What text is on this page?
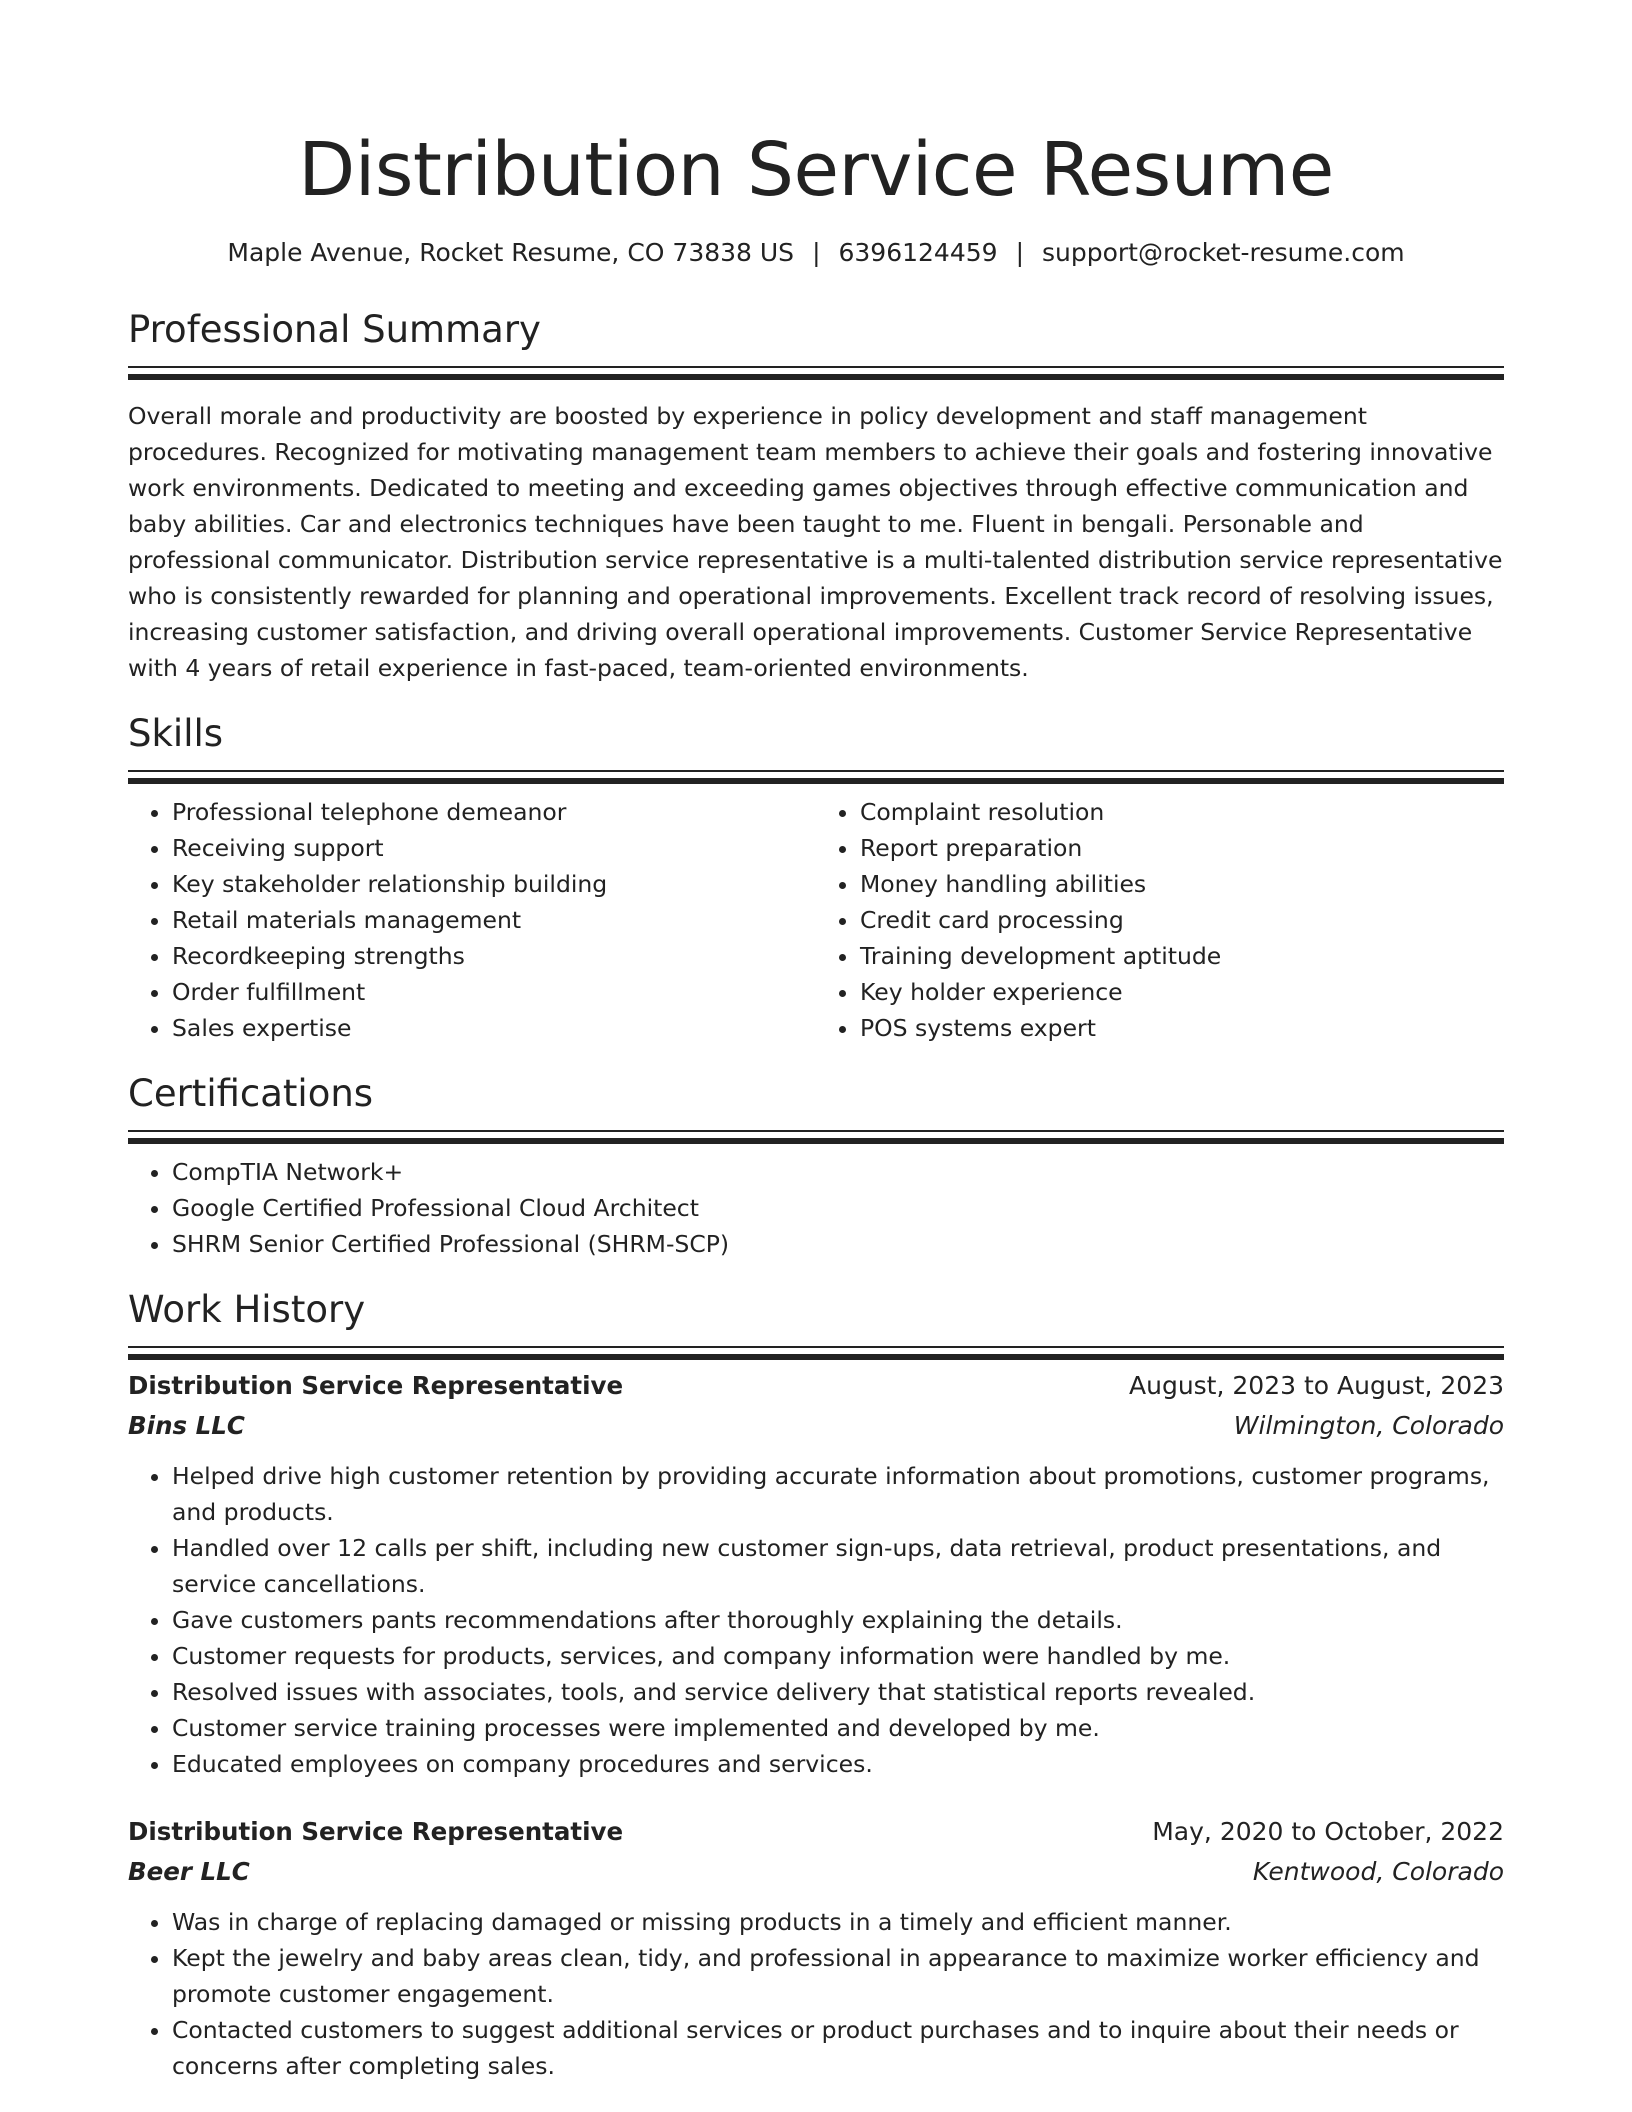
Distribution Service Resume
Maple Avenue, Rocket Resume, CO 73838 US | 6396124459 | support@rocket-resume.com
Professional Summary

Overall morale and productivity are boosted by experience in policy development and staff management procedures. Recognized for motivating management team members to achieve their goals and fostering innovative work environments. Dedicated to meeting and exceeding games objectives through effective communication and baby abilities. Car and electronics techniques have been taught to me. Fluent in bengali. Personable and professional communicator. Distribution service representative is a multi-talented distribution service representative who is consistently rewarded for planning and operational improvements. Excellent track record of resolving issues, increasing customer satisfaction, and driving overall operational improvements. Customer Service Representative with 4 years of retail experience in fast-paced, team-oriented environments.

Skills
• Professional telephone demeanor
• Receiving support
• Key stakeholder relationship building
• Retail materials management
• Recordkeeping strengths
• Order fulfillment
• Sales expertise
• Complaint resolution
• Report preparation
• Money handling abilities
• Credit card processing
• Training development aptitude
• Key holder experience
• POS systems expert
Certifications
• CompTIA Network+
• Google Certified Professional Cloud Architect
• SHRM Senior Certified Professional (SHRM-SCP)
Work History
Distribution Service Representative	August, 2023 to August, 2023
Bins LLC	Wilmington, Colorado
• Helped drive high customer retention by providing accurate information about promotions, customer programs, and products.
• Handled over 12 calls per shift, including new customer sign-ups, data retrieval, product presentations, and service cancellations.
• Gave customers pants recommendations after thoroughly explaining the details.
• Customer requests for products, services, and company information were handled by me.
• Resolved issues with associates, tools, and service delivery that statistical reports revealed.
• Customer service training processes were implemented and developed by me.
• Educated employees on company procedures and services.
Distribution Service Representative	May, 2020 to October, 2022
Beer LLC	Kentwood, Colorado
• Was in charge of replacing damaged or missing products in a timely and efficient manner.
• Kept the jewelry and baby areas clean, tidy, and professional in appearance to maximize worker efficiency and promote customer engagement.
• Contacted customers to suggest additional services or product purchases and to inquire about their needs or concerns after completing sales.
